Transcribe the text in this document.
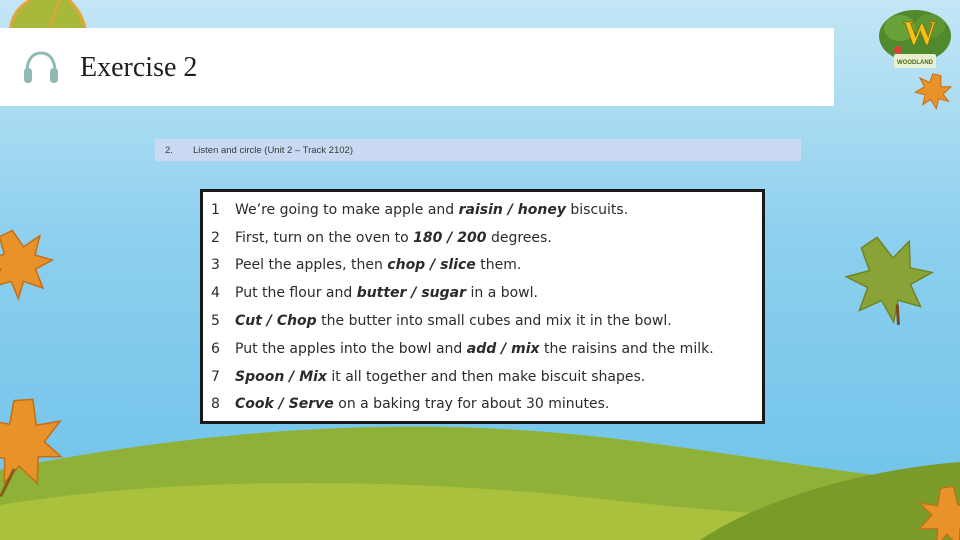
Exercise 2
W
WOODLAND
2. Listen and circle (Unit 2 – Track 2102)
1	We’re going to make apple and raisin / honey biscuits.
2	First, turn on the oven to 180 / 200 degrees.
3	Peel the apples, then chop / slice them.
4	Put the flour and butter / sugar in a bowl.
5	Cut / Chop the butter into small cubes and mix it in the bowl.
6	Put the apples into the bowl and add / mix the raisins and the milk.
7	Spoon / Mix it all together and then make biscuit shapes.
8	Cook / Serve on a baking tray for about 30 minutes.
